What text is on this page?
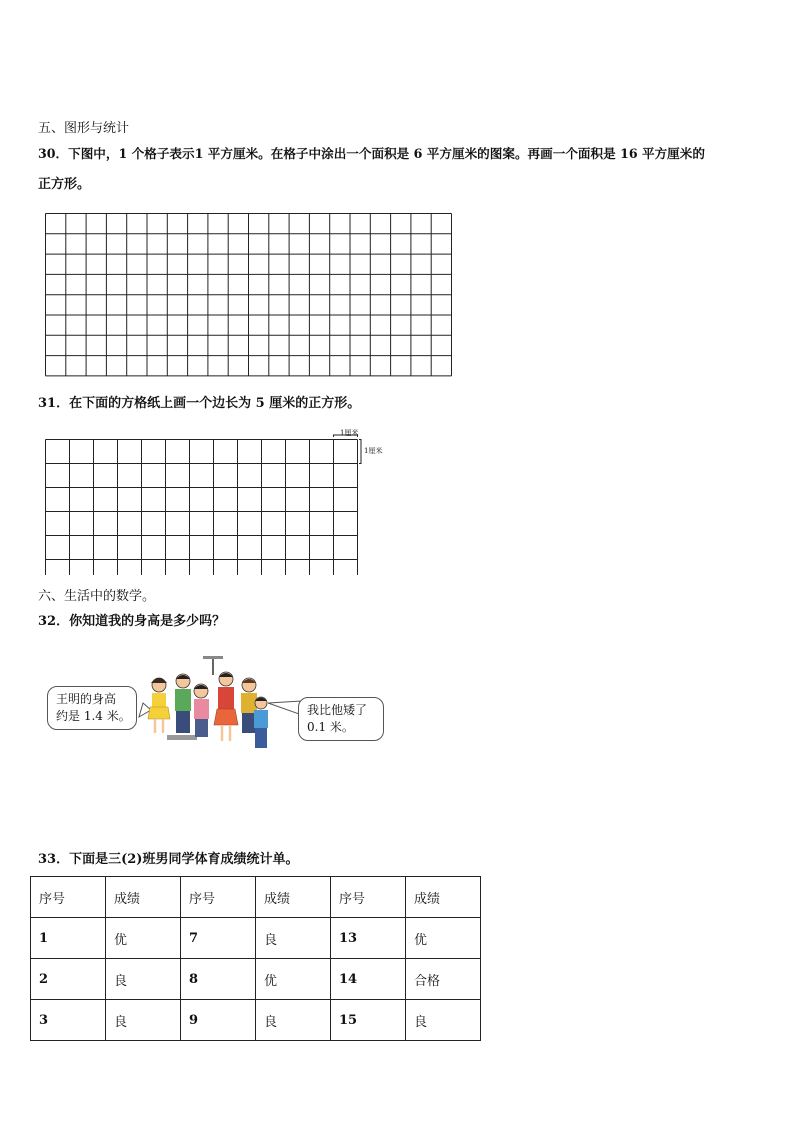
五、图形与统计
30．下图中，1 个格子表示1 平方厘米。在格子中涂出一个面积是 6 平方厘米的图案。再画一个面积是 16 平方厘米的
正方形。
31．在下面的方格纸上画一个边长为 5 厘米的正方形。
1厘米
1厘米
六、生活中的数学。
32．你知道我的身高是多少吗？
王明的身高
约是 1.4 米。	我比他矮了
0.1 米。
33．下面是三(2)班男同学体育成绩统计单。
序号	成绩	序号	成绩	序号	成绩
1	优	7	良	13	优
2	良	8	优	14	合格
3	良	9	良	15	良
